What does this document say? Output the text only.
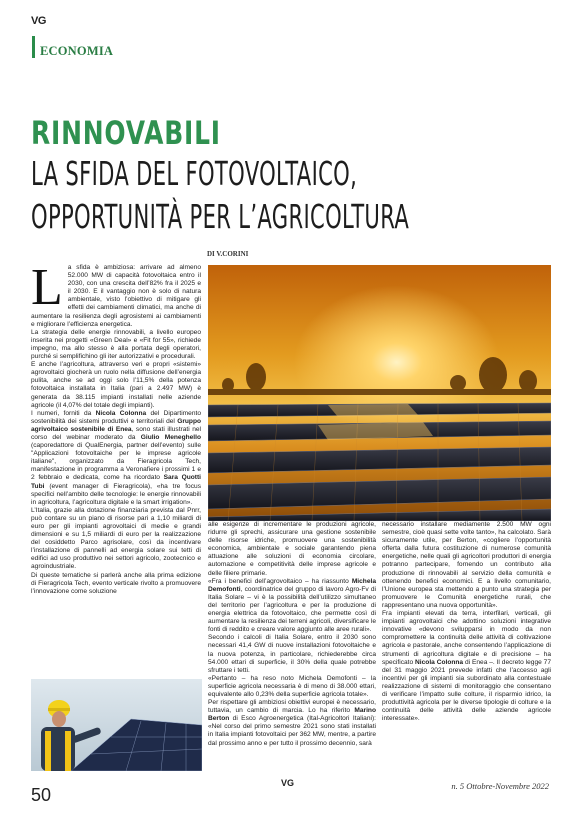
VG
ECONOMIA
RINNOVABILI
LA SFIDA DEL FOTOVOLTAICO,
OPPORTUNITÀ PER L’AGRICOLTURA
DI V.CORINI
L a sfida è ambiziosa: arrivare ad almeno 52.000 MW di capacità fotovoltaica entro il 2030, con una crescita dell’82% fra il 2025 e il 2030. E il vantaggio non è solo di natura ambientale, visto l’obiettivo di mitigare gli effetti dei cambiamenti climatici, ma anche di aumentare la resilienza degli agrosistemi ai cambiamenti e migliorare l’efficienza energetica.

La strategia delle energie rinnovabili, a livello europeo inserita nei progetti «Green Deal» e «Fit for 55», richiede impegno, ma allo stesso è alla portata degli operatori, purché si semplifichino gli iter autorizzativi e procedurali.

E anche l’agricoltura, attraverso veri e propri «sistemi» agrovoltaici giocherà un ruolo nella diffusione dell’energia pulita, anche se ad oggi solo l’11,5% della potenza fotovoltaica installata in Italia (pari a 2.497 MW) è generata da 38.115 impianti installati nelle aziende agricole (il 4,07% del totale degli impianti).

I numeri, forniti da Nicola Colonna del Dipartimento sostenibilità dei sistemi produttivi e territoriali del Gruppo agrivoltaico sostenibile di Enea, sono stati illustrati nel corso del webinar moderato da Giulio Meneghello (caporedattore di QualEnergia, partner dell’evento) sulle "Applicazioni fotovoltaiche per le imprese agricole italiane", organizzato da Fieragricola Tech, manifestazione in programma a Veronafiere i prossimi 1 e 2 febbraio e dedicata, come ha ricordato Sara Quotti Tubi (event manager di Fieragricola), «ha tre focus specifici nell’ambito delle tecnologie: le energie rinnovabili in agricoltura, l’agricoltura digitale e la smart irrigation».

L’Italia, grazie alla dotazione finanziaria prevista dal Pnrr, può contare su un piano di risorse pari a 1,10 miliardi di euro per gli impianti agrovoltaici di medie e grandi dimensioni e su 1,5 miliardi di euro per la realizzazione del cosiddetto Parco agrisolare, così da incentivare l’installazione di pannelli ad energia solare sui tetti di edifici ad uso produttivo nei settori agricolo, zootecnico e agroindustriale.

Di queste tematiche si parlerà anche alla prima edizione di Fieragricola Tech, evento verticale rivolto a promuovere l’innovazione come soluzione

alle esigenze di incrementare le produzioni agricole, ridurre gli sprechi, assicurare una gestione sostenibile delle risorse idriche, promuovere una sostenibilità economica, ambientale e sociale garantendo piena attuazione alle soluzioni di economia circolare, automazione e competitività delle imprese agricole e delle filiere primarie.

«Fra i benefici dell’agrovoltaico – ha riassunto Michela Demofonti, coordinatrice del gruppo di lavoro Agro-Fv di Italia Solare – vi è la possibilità dell’utilizzo simultaneo del territorio per l’agricoltura e per la produzione di energia elettrica da fotovoltaico, che permette così di aumentare la resilienza dei terreni agricoli, diversificare le fonti di reddito e creare valore aggiunto alle aree rurali».

Secondo i calcoli di Italia Solare, entro il 2030 sono necessari 41,4 GW di nuove installazioni fotovoltaiche e la nuova potenza, in particolare, richiederebbe circa 54.000 ettari di superficie, il 30% della quale potrebbe sfruttare i tetti.

«Pertanto – ha reso noto Michela Demofonti – la superficie agricola necessaria è di meno di 38.000 ettari, equivalente allo 0,23% della superficie agricola totale».

Per rispettare gli ambiziosi obiettivi europei è necessario, tuttavia, un cambio di marcia. Lo ha riferito Marino Berton di Esco Agroenergetica (Ital-Agricoltori Italiani): «Nel corso del primo semestre 2021 sono stati installati in Italia impianti fotovoltaici per 362 MW, mentre, a partire dal prossimo anno e per tutto il prossimo decennio, sarà

necessario installare mediamente 2.500 MW ogni semestre, cioè quasi sette volte tanto», ha calcolato. Sarà sicuramente utile, per Berton, «cogliere l’opportunità offerta dalla futura costituzione di numerose comunità energetiche, nelle quali gli agricoltori produttori di energia potranno partecipare, fornendo un contributo alla produzione di rinnovabili al servizio della comunità e ottenendo benefici economici. E a livello comunitario, l’Unione europea sta mettendo a punto una strategia per promuovere le Comunità energetiche rurali, che rappresentano una nuova opportunità».

Fra impianti elevati da terra, interfilari, verticali, gli impianti agrovoltaici che adottino soluzioni integrative innovative «devono svilupparsi in modo da non compromettere la continuità delle attività di coltivazione agricola e pastorale, anche consentendo l’applicazione di strumenti di agricoltura digitale e di precisione – ha specificato Nicola Colonna di Enea –. Il decreto legge 77 del 31 maggio 2021 prevede infatti che l’accesso agli incentivi per gli impianti sia subordinato alla contestuale realizzazione di sistemi di monitoraggio che consentano di verificare l’impatto sulle colture, il risparmio idrico, la produttività agricola per le diverse tipologie di colture e la continuità delle attività delle aziende agricole interessate».

50
VG	n. 5 Ottobre-Novembre 2022
